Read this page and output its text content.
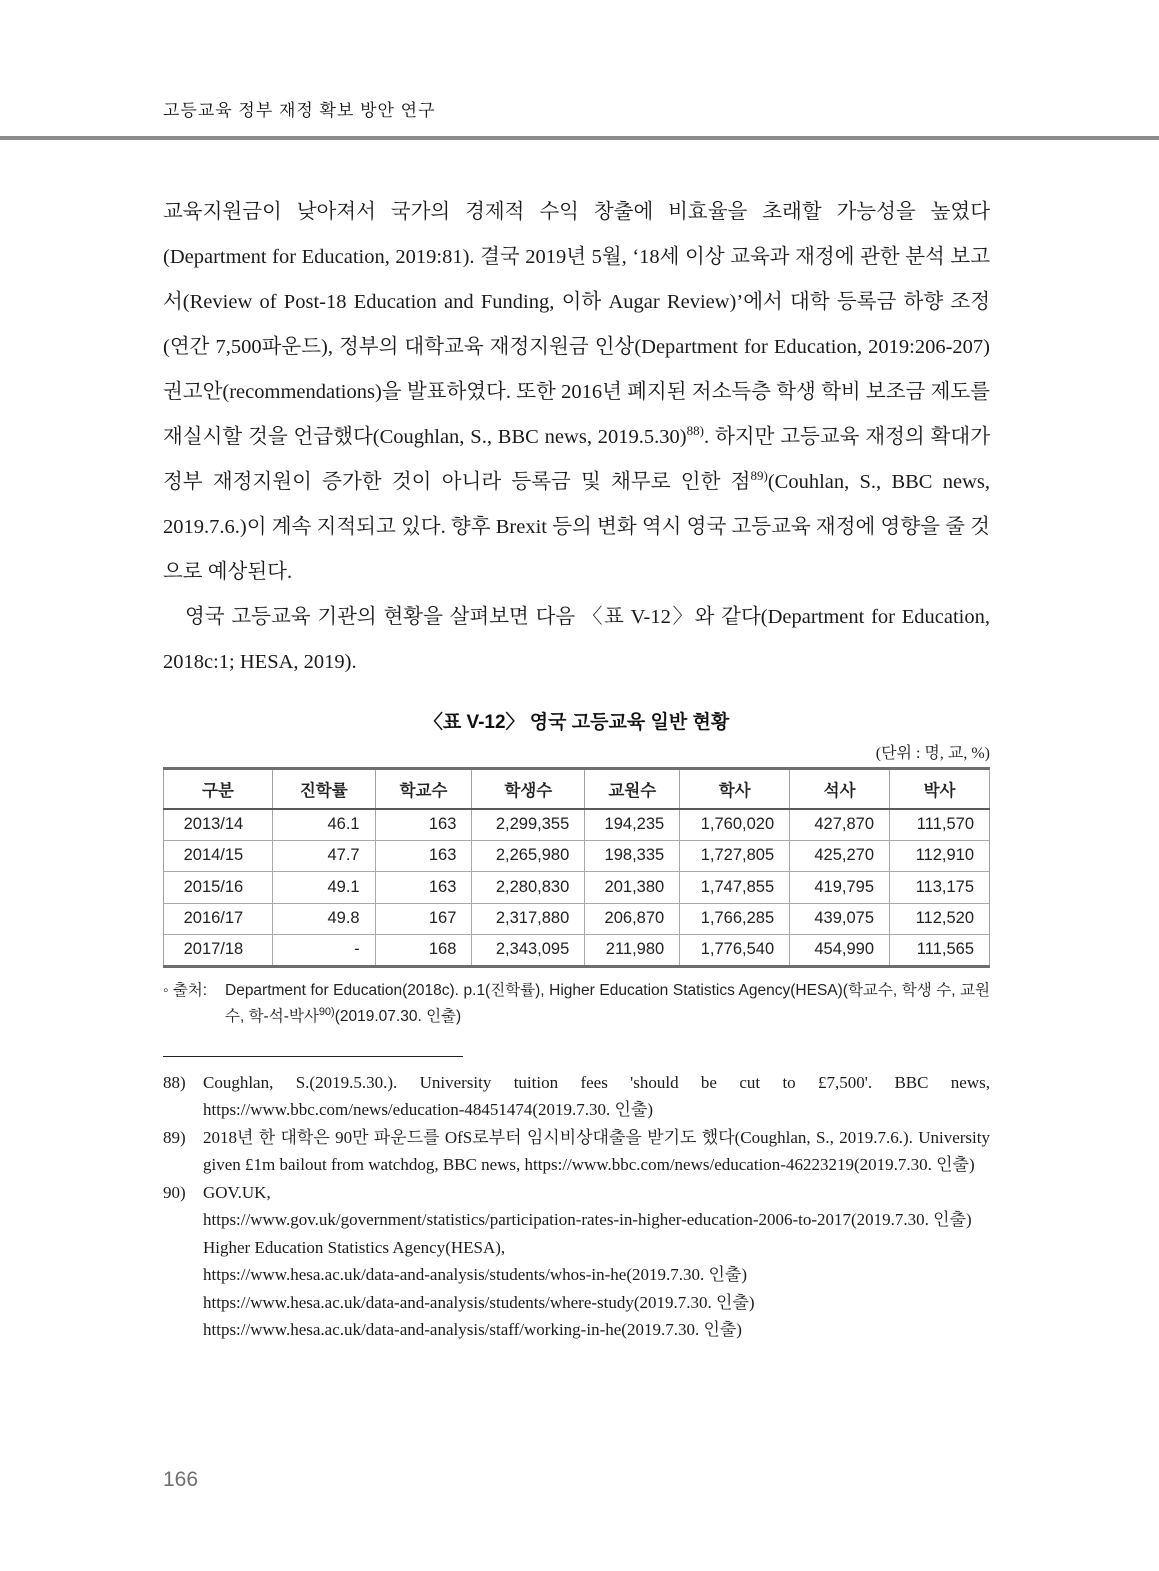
고등교육 정부 재정 확보 방안 연구

교육지원금이 낮아져서 국가의 경제적 수익 창출에 비효율을 초래할 가능성을 높였다(Department for Education, 2019:81). 결국 2019년 5월, ‘18세 이상 교육과 재정에 관한 분석 보고서(Review of Post-18 Education and Funding, 이하 Augar Review)’에서 대학 등록금 하향 조정(연간 7,500파운드), 정부의 대학교육 재정지원금 인상(Department for Education, 2019:206-207) 권고안(recommendations)을 발표하였다. 또한 2016년 폐지된 저소득층 학생 학비 보조금 제도를 재실시할 것을 언급했다(Coughlan, S., BBC news, 2019.5.30)$^{88)}$. 하지만 고등교육 재정의 확대가 정부 재정지원이 증가한 것이 아니라 등록금 및 채무로 인한 점$^{89)}$(Couhlan, S., BBC news, 2019.7.6.)이 계속 지적되고 있다. 향후 Brexit 등의 변화 역시 영국 고등교육 재정에 영향을 줄 것으로 예상된다.

영국 고등교육 기관의 현황을 살펴보면 다음 〈표 V-12〉와 같다(Department for Education, 2018c:1; HESA, 2019).

〈표 V-12〉 영국 고등교육 일반 현황
(단위 : 명, 교, %)
구분	진학률	학교수	학생수	교원수	학사	석사	박사
2013/14	46.1	163	2,299,355	194,235	1,760,020	427,870	111,570
2014/15	47.7	163	2,265,980	198,335	1,727,805	425,270	112,910
2015/16	49.1	163	2,280,830	201,380	1,747,855	419,795	113,175
2016/17	49.8	167	2,317,880	206,870	1,766,285	439,075	112,520
2017/18	-	168	2,343,095	211,980	1,776,540	454,990	111,565
◦ 출처:	Department for Education(2018c). p.1(진학률), Higher Education Statistics Agency(HESA)(학교수, 학생 수, 교원 수, 학-석-박사$^{90)}$(2019.07.30. 인출)
88)	Coughlan, S.(2019.5.30.). University tuition fees 'should be cut to £7,500'. BBC news, https://www.bbc.com/news/education-48451474(2019.7.30. 인출)

89)	2018년 한 대학은 90만 파운드를 OfS로부터 임시비상대출을 받기도 했다(Coughlan, S., 2019.7.6.). University given £1m bailout from watchdog, BBC news, https://www.bbc.com/news/education-46223219(2019.7.30. 인출)

90)	GOV.UK,

https://www.gov.uk/government/statistics/participation-rates-in-higher-education-2006-to-2017(2019.7.30. 인출)

Higher Education Statistics Agency(HESA),

https://www.hesa.ac.uk/data-and-analysis/students/whos-in-he(2019.7.30. 인출)

https://www.hesa.ac.uk/data-and-analysis/students/where-study(2019.7.30. 인출)

https://www.hesa.ac.uk/data-and-analysis/staff/working-in-he(2019.7.30. 인출)

166
